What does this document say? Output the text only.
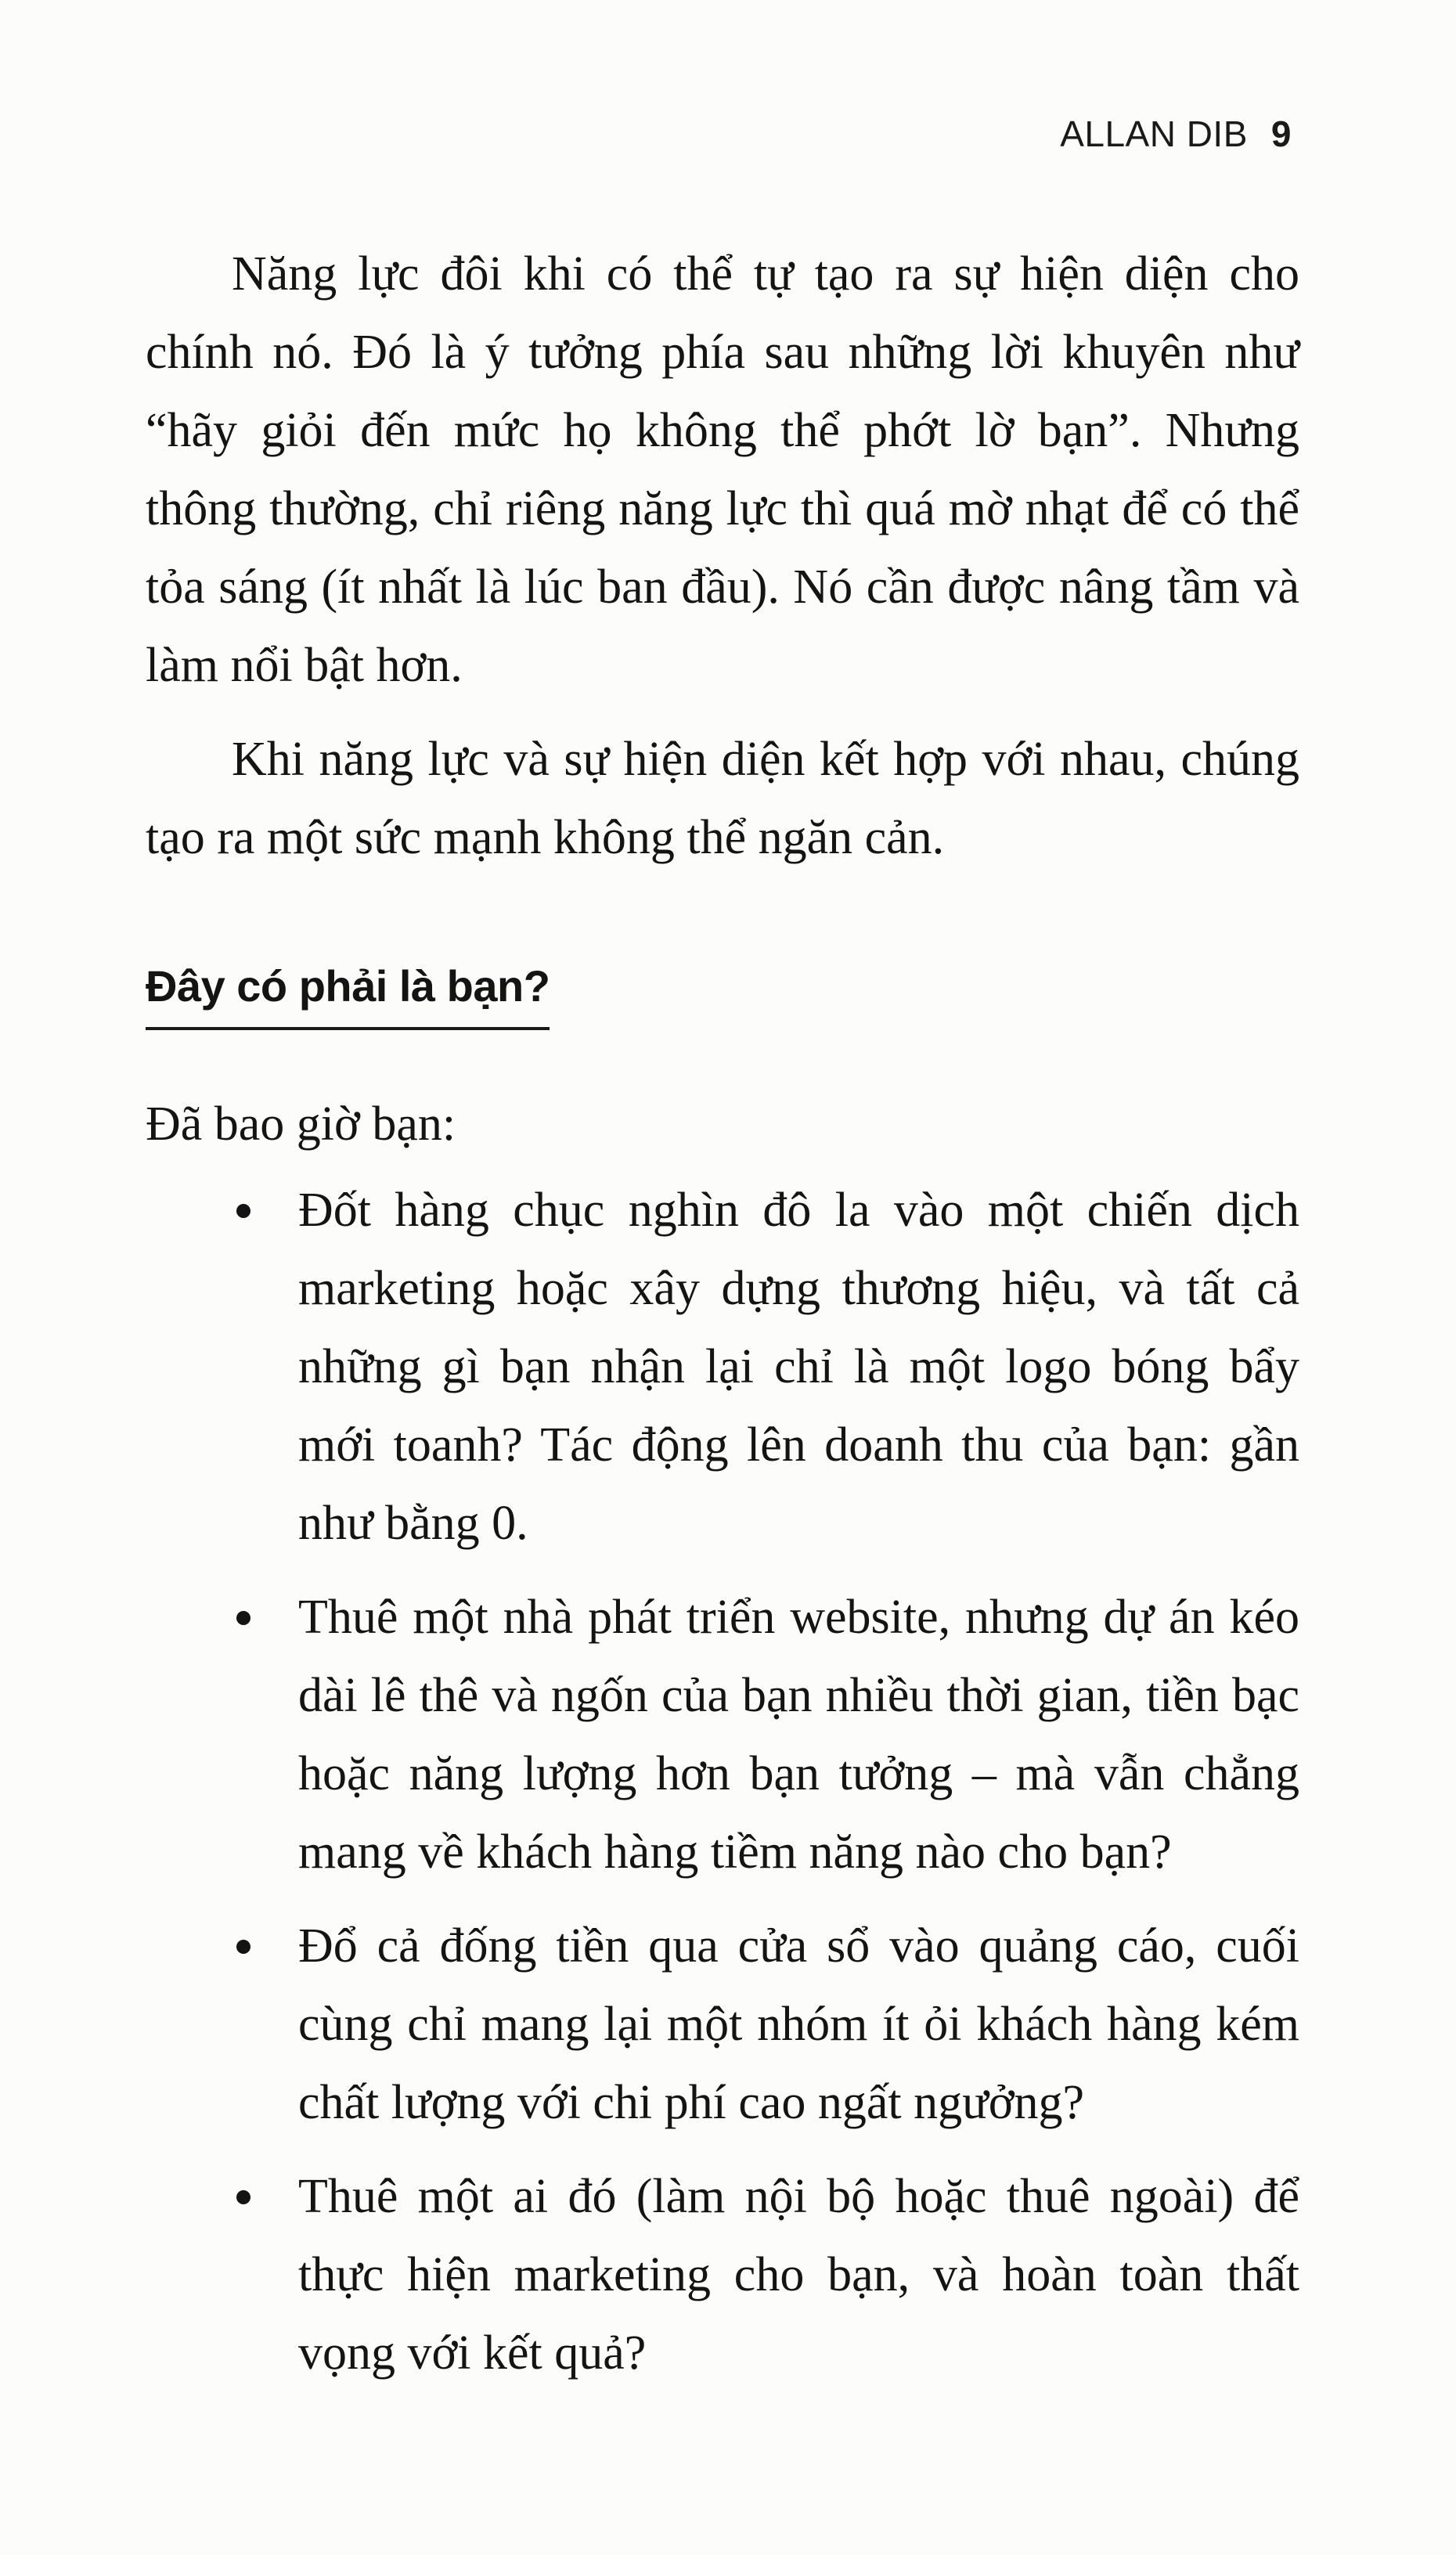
ALLAN DIB 9

Năng lực đôi khi có thể tự tạo ra sự hiện diện cho chính nó. Đó là ý tưởng phía sau những lời khuyên như “hãy giỏi đến mức họ không thể phớt lờ bạn”. Nhưng thông thường, chỉ riêng năng lực thì quá mờ nhạt để có thể tỏa sáng (ít nhất là lúc ban đầu). Nó cần được nâng tầm và làm nổi bật hơn.

Khi năng lực và sự hiện diện kết hợp với nhau, chúng tạo ra một sức mạnh không thể ngăn cản.

Đây có phải là bạn?

Đã bao giờ bạn:

Đốt hàng chục nghìn đô la vào một chiến dịch marketing hoặc xây dựng thương hiệu, và tất cả những gì bạn nhận lại chỉ là một logo bóng bẩy mới toanh? Tác động lên doanh thu của bạn: gần như bằng 0.
Thuê một nhà phát triển website, nhưng dự án kéo dài lê thê và ngốn của bạn nhiều thời gian, tiền bạc hoặc năng lượng hơn bạn tưởng – mà vẫn chẳng mang về khách hàng tiềm năng nào cho bạn?
Đổ cả đống tiền qua cửa sổ vào quảng cáo, cuối cùng chỉ mang lại một nhóm ít ỏi khách hàng kém chất lượng với chi phí cao ngất ngưởng?
Thuê một ai đó (làm nội bộ hoặc thuê ngoài) để thực hiện marketing cho bạn, và hoàn toàn thất vọng với kết quả?
